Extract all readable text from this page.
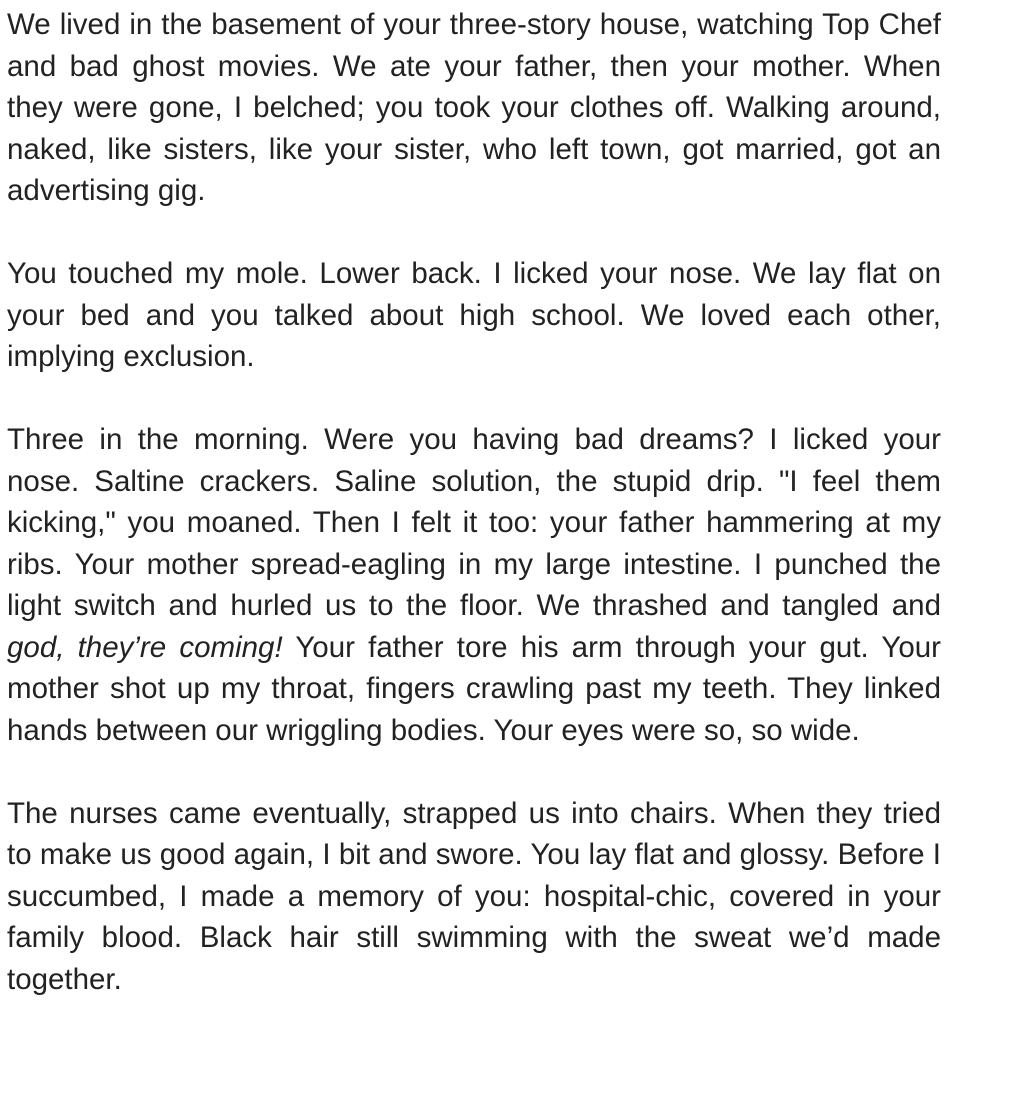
We lived in the basement of your three-story house, watching Top Chef and bad ghost movies. We ate your father, then your mother. When they were gone, I belched; you took your clothes off. Walking around, naked, like sisters, like your sister, who left town, got married, got an advertising gig.

You touched my mole. Lower back. I licked your nose. We lay flat on your bed and you talked about high school. We loved each other, implying exclusion.

Three in the morning. Were you having bad dreams? I licked your nose. Saltine crackers. Saline solution, the stupid drip. "I feel them kicking," you moaned. Then I felt it too: your father hammering at my ribs. Your mother spread-eagling in my large intestine. I punched the light switch and hurled us to the floor. We thrashed and tangled and god, they’re coming! Your father tore his arm through your gut. Your mother shot up my throat, fingers crawling past my teeth. They linked hands between our wriggling bodies. Your eyes were so, so wide.

The nurses came eventually, strapped us into chairs. When they tried to make us good again, I bit and swore. You lay flat and glossy. Before I succumbed, I made a memory of you: hospital-chic, covered in your family blood. Black hair still swimming with the sweat we’d made together.
